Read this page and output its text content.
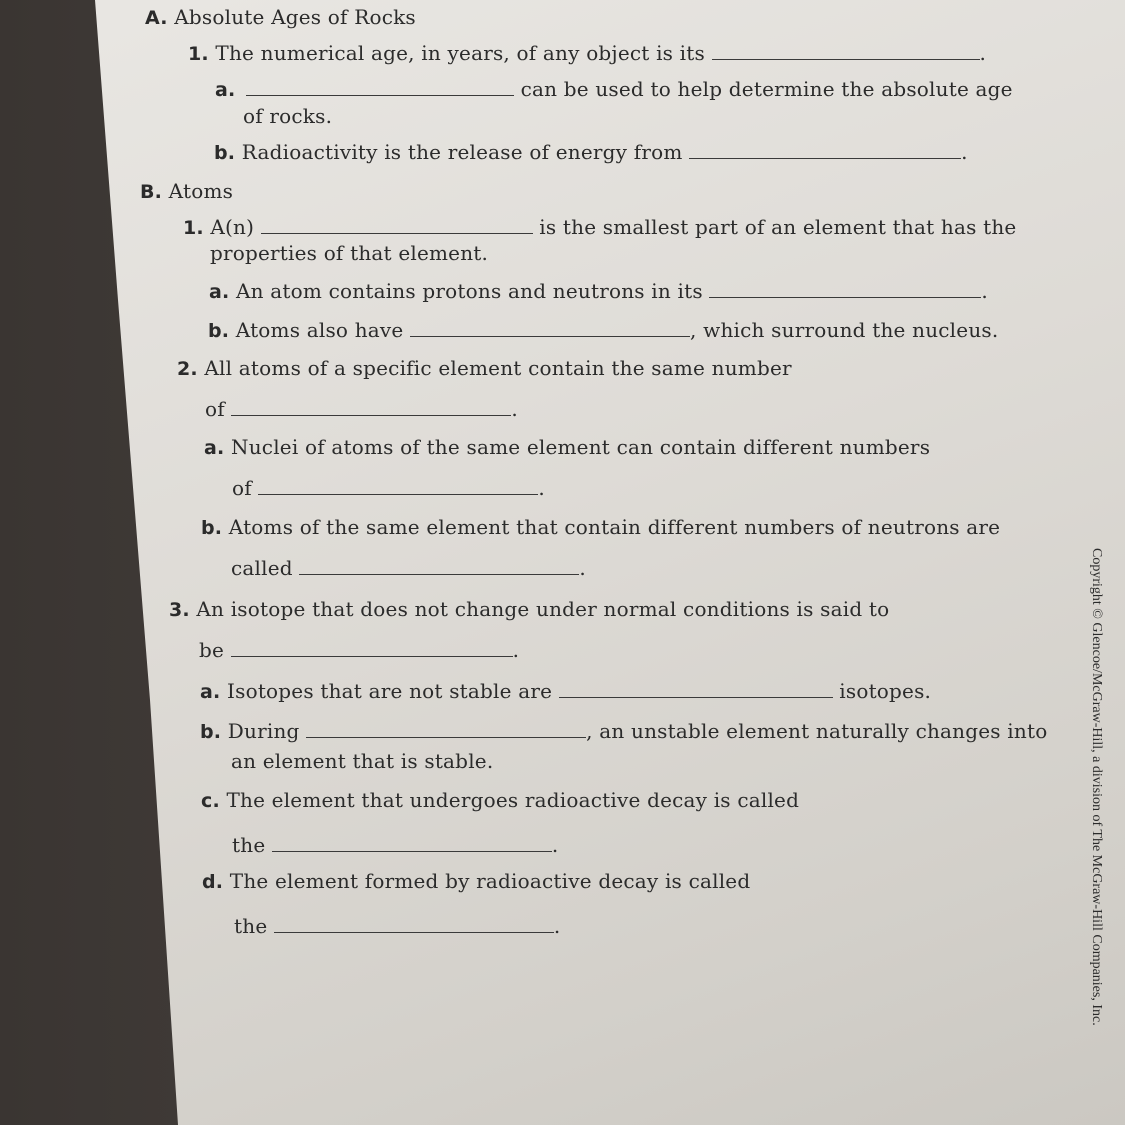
A. Absolute Ages of Rocks
1. The numerical age, in years, of any object is its	.
a.	can be used to help determine the absolute age
of rocks.
b. Radioactivity is the release of energy from	.
B. Atoms
1. A(n)	is the smallest part of an element that has the
properties of that element.
a. An atom contains protons and neutrons in its	.
b. Atoms also have	, which surround the nucleus.
2. All atoms of a specific element contain the same number
of	.
a. Nuclei of atoms of the same element can contain different numbers
of	.
b. Atoms of the same element that contain different numbers of neutrons are
called	.
3. An isotope that does not change under normal conditions is said to
be	.
a. Isotopes that are not stable are	isotopes.
b. During	, an unstable element naturally changes into
an element that is stable.
c. The element that undergoes radioactive decay is called
the	.
d. The element formed by radioactive decay is called
the	.	Copyright © Glencoe/McGraw-Hill, a division of The McGraw-Hill Companies, Inc.
